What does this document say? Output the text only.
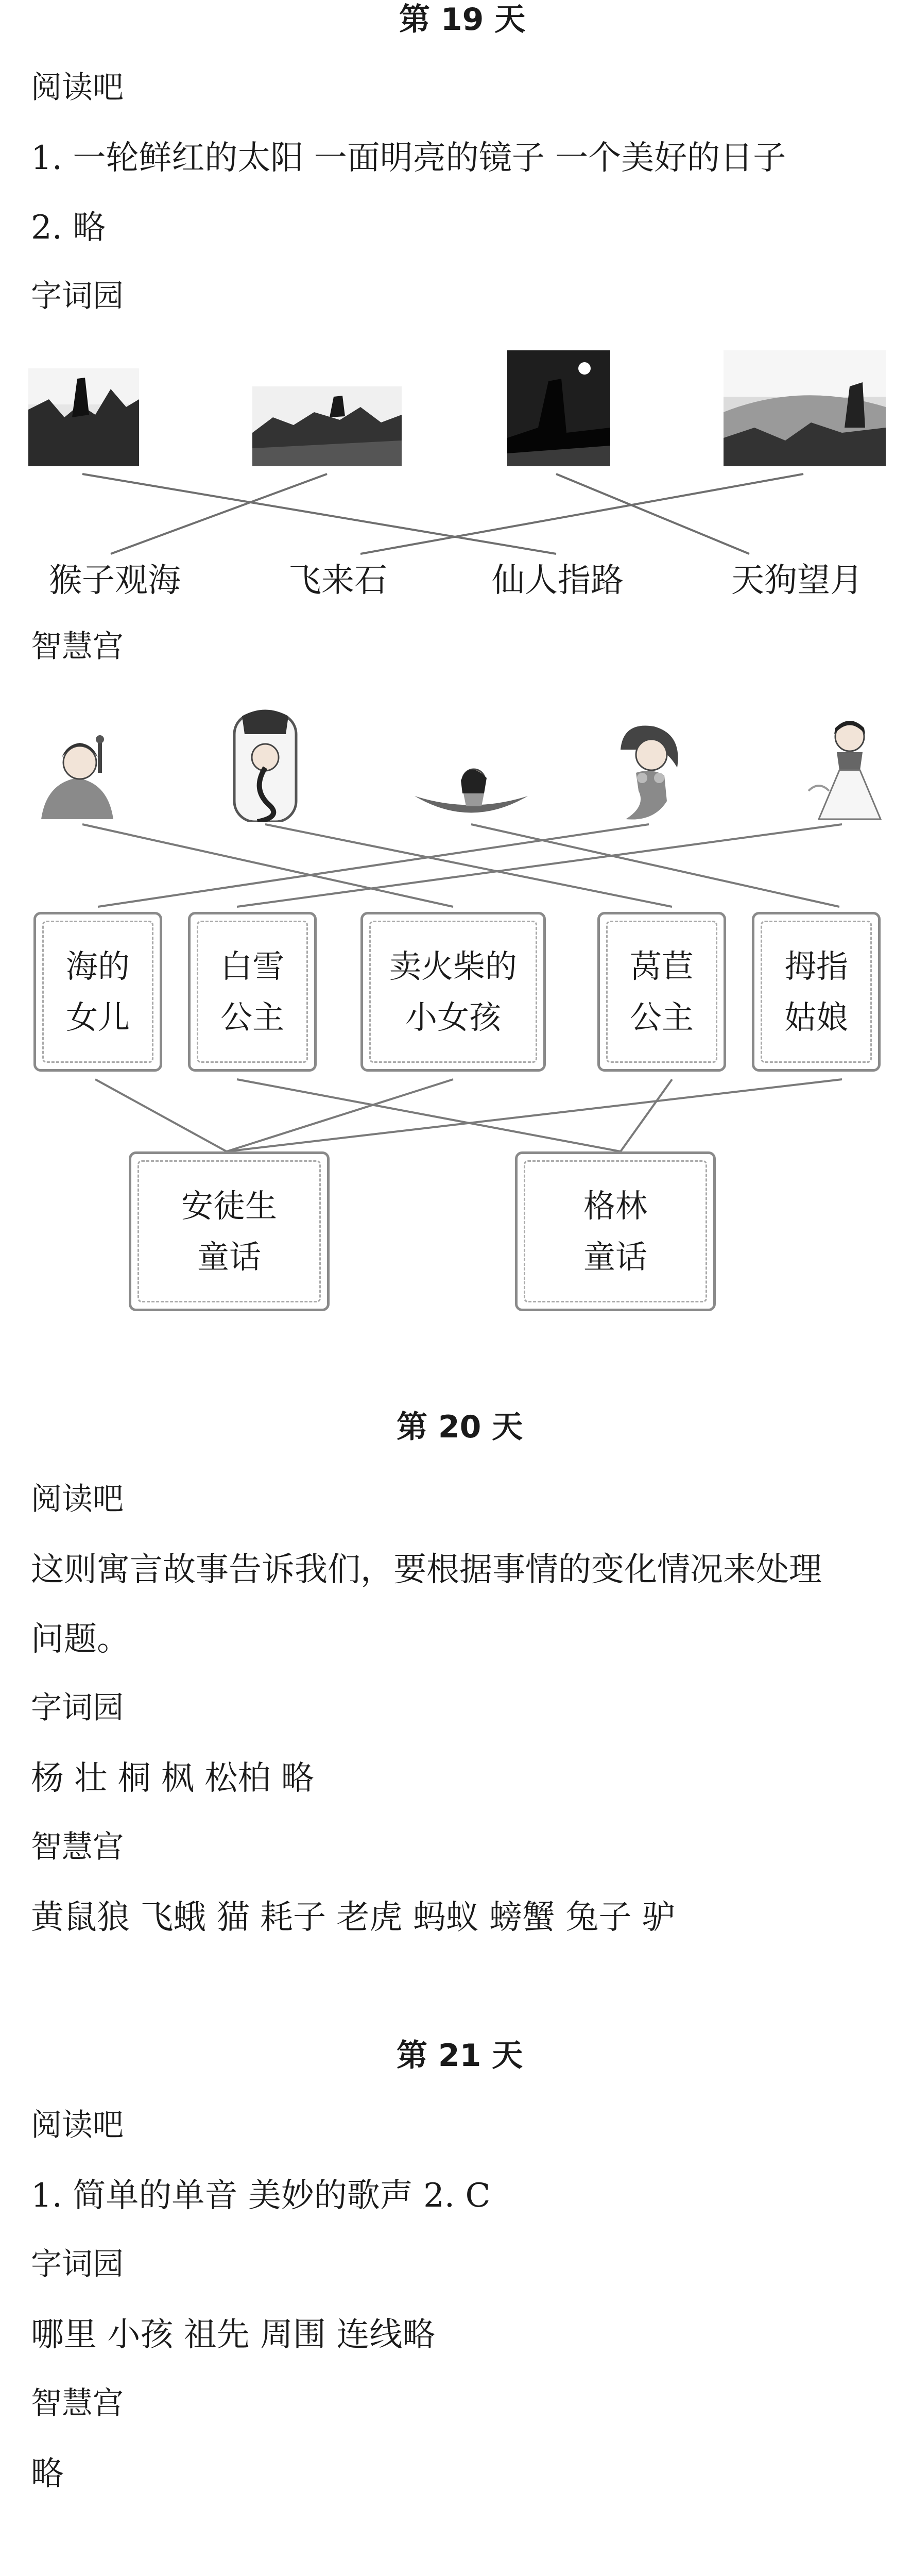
第 19 天
阅读吧
1. 一轮鲜红的太阳 一面明亮的镜子 一个美好的日子
2. 略
字词园
猴子观海	飞来石	仙人指路	天狗望月
智慧宫
海的
女儿
白雪
公主
卖火柴的
小女孩
莴苣
公主
拇指
姑娘
安徒生
童话
格林
童话
第 20 天
阅读吧
这则寓言故事告诉我们，要根据事情的变化情况来处理
问题。
字词园
杨 壮 桐 枫 松柏 略
智慧宫
黄鼠狼 飞蛾 猫 耗子 老虎 蚂蚁 螃蟹 兔子 驴
第 21 天
阅读吧
1. 简单的单音 美妙的歌声 2. C
字词园
哪里 小孩 祖先 周围 连线略
智慧宫
略
